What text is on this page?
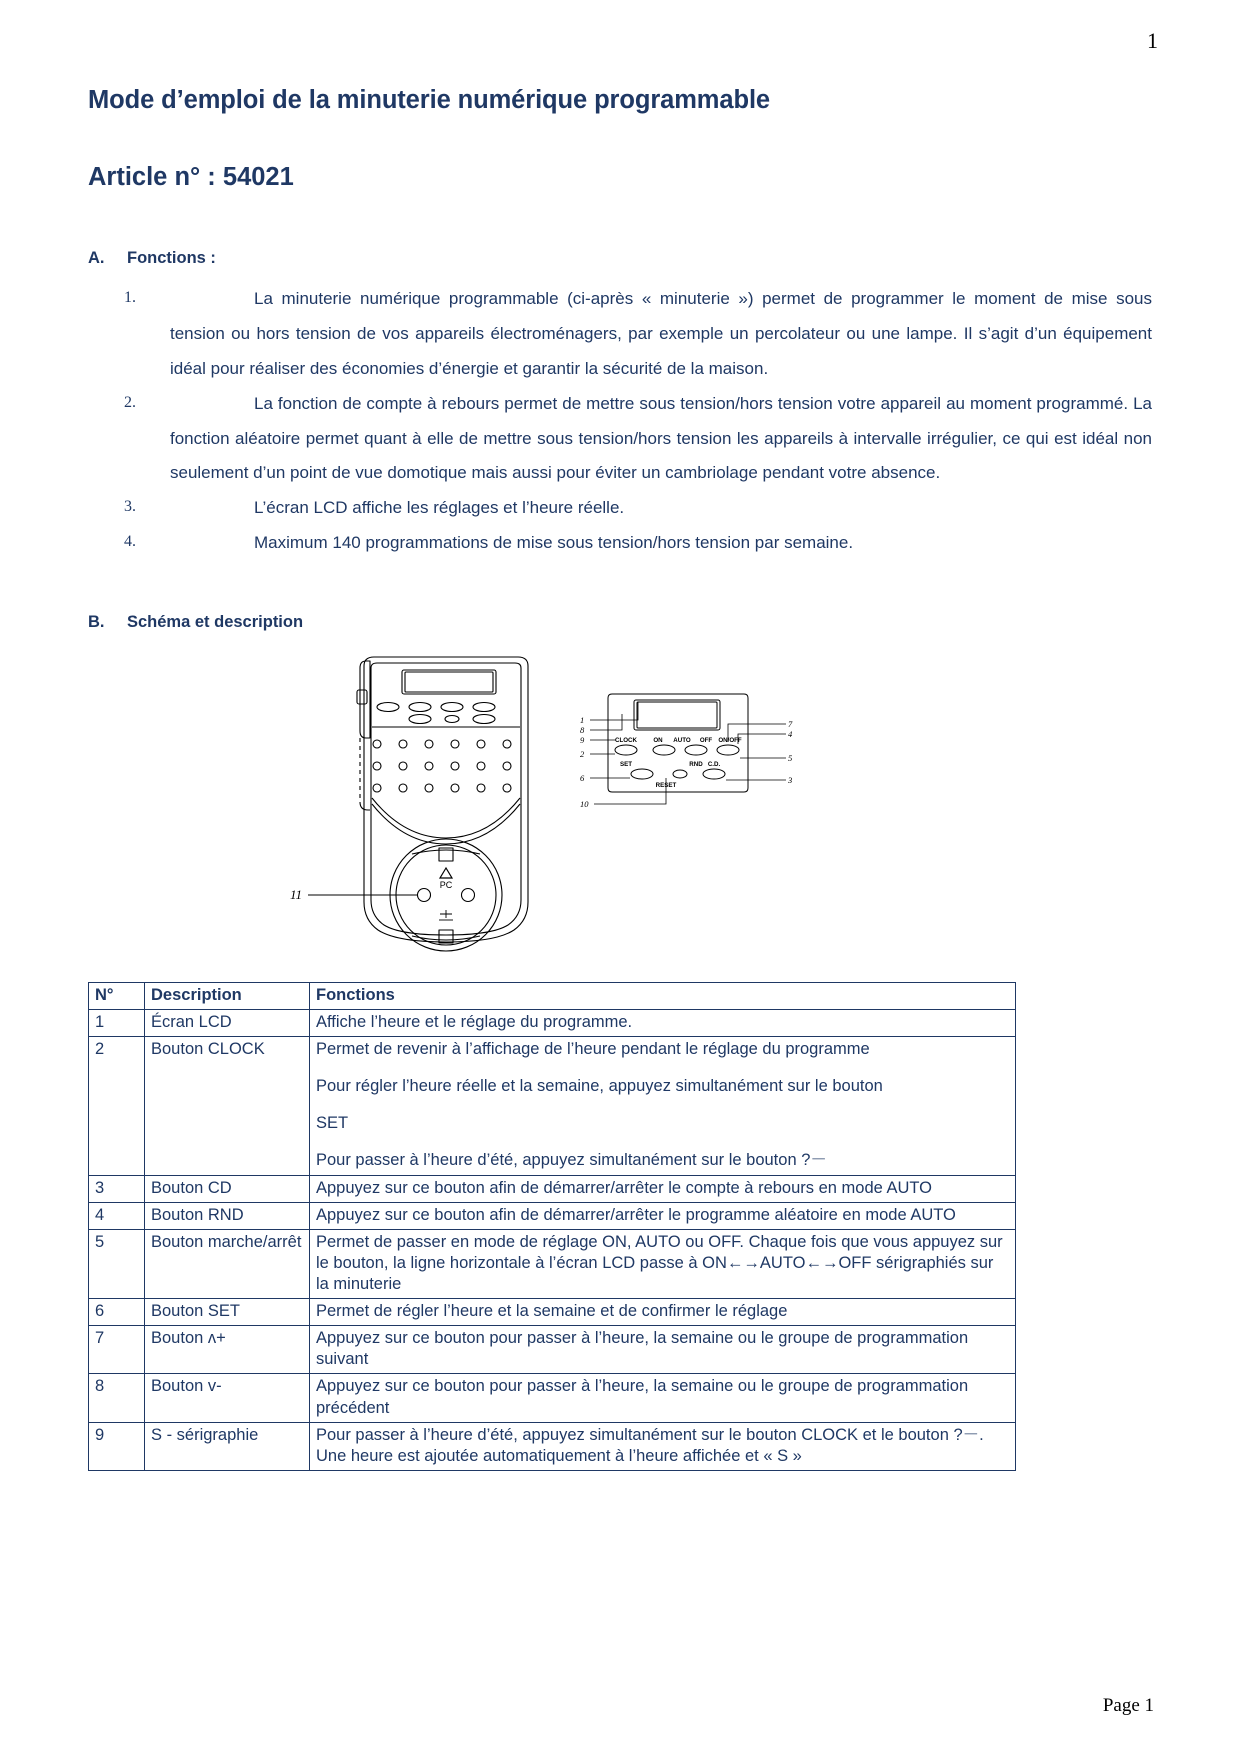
1
Mode d’emploi de la minuterie numérique programmable
Article n° : 54021
A.	Fonctions :
1.	La minuterie numérique programmable (ci-après « minuterie ») permet de programmer le moment de mise sous tension ou hors tension de vos appareils électroménagers, par exemple un percolateur ou une lampe. Il s’agit d’un équipement idéal pour réaliser des économies d’énergie et garantir la sécurité de la maison.
2.	La fonction de compte à rebours permet de mettre sous tension/hors tension votre appareil au moment programmé. La fonction aléatoire permet quant à elle de mettre sous tension/hors tension les appareils à intervalle irrégulier, ce qui est idéal non seulement d’un point de vue domotique mais aussi pour éviter un cambriolage pendant votre absence.
3.	L’écran LCD affiche les réglages et l’heure réelle.
4.	Maximum 140 programmations de mise sous tension/hors tension par semaine.
B.	Schéma et description
PC
11
CLOCK	ON AUTO OFF
RND
ON/OFF
SET
RESET
C.D.
1
8
9
2
6
10
7
4
5
3
N°	Description	Fonctions
1	Écran LCD	Affiche l’heure et le réglage du programme.

2	Bouton CLOCK	Permet de revenir à l’affichage de l’heure pendant le réglage du programme

Pour régler l’heure réelle et la semaine, appuyez simultanément sur le bouton

SET

Pour passer à l’heure d’été, appuyez simultanément sur le bouton ?－

3	Bouton CD	Appuyez sur ce bouton afin de démarrer/arrêter le compte à rebours en mode AUTO

4	Bouton RND	Appuyez sur ce bouton afin de démarrer/arrêter le programme aléatoire en mode AUTO

5	Bouton marche/arrêt	Permet de passer en mode de réglage ON, AUTO ou OFF. Chaque fois que vous appuyez sur le bouton, la ligne horizontale à l’écran LCD passe à ON←→AUTO←→OFF sérigraphiés sur la minuterie

6	Bouton SET	Permet de régler l’heure et la semaine et de confirmer le réglage

7	Bouton ʌ+	Appuyez sur ce bouton pour passer à l’heure, la semaine ou le groupe de programmation suivant

8	Bouton v-	Appuyez sur ce bouton pour passer à l’heure, la semaine ou le groupe de programmation précédent

9	S - sérigraphie	Pour passer à l’heure d’été, appuyez simultanément sur le bouton CLOCK et le bouton ?－. Une heure est ajoutée automatiquement à l’heure affichée et « S »

Page 1
